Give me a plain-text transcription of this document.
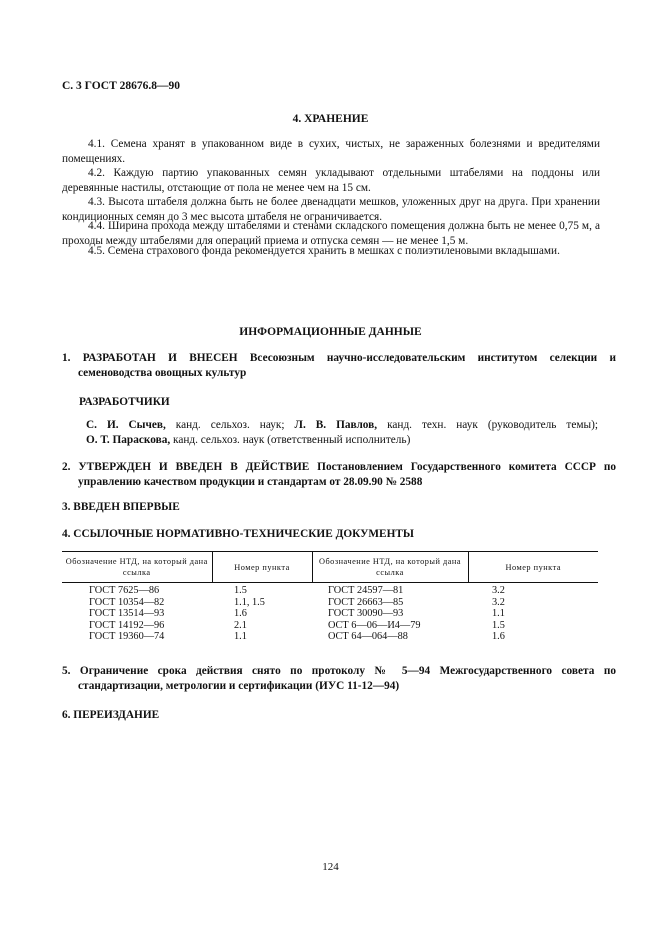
С. 3 ГОСТ 28676.8—90
4. ХРАНЕНИЕ
4.1. Семена хранят в упакованном виде в сухих, чистых, не зараженных болезнями и вредителями помещениях.
4.2. Каждую партию упакованных семян укладывают отдельными штабелями на поддоны или деревянные настилы, отстающие от пола не менее чем на 15 см.
4.3. Высота штабеля должна быть не более двенадцати мешков, уложенных друг на друга. При хранении кондиционных семян до 3 мес высота штабеля не ограничивается.
4.4. Ширина прохода между штабелями и стенами складского помещения должна быть не менее 0,75 м, а проходы между штабелями для операций приема и отпуска семян — не менее 1,5 м.
4.5. Семена страхового фонда рекомендуется хранить в мешках с полиэтиленовыми вкладышами.
ИНФОРМАЦИОННЫЕ ДАННЫЕ
1. РАЗРАБОТАН И ВНЕСЕН Всесоюзным научно-исследовательским институтом селекции и семеноводства овощных культур
РАЗРАБОТЧИКИ
С. И. Сычев, канд. сельхоз. наук; Л. В. Павлов, канд. техн. наук (руководитель темы);
О. Т. Параскова, канд. сельхоз. наук (ответственный исполнитель)
2. УТВЕРЖДЕН И ВВЕДЕН В ДЕЙСТВИЕ Постановлением Государственного комитета СССР по управлению качеством продукции и стандартам от 28.09.90 № 2588
3. ВВЕДЕН ВПЕРВЫЕ
4. ССЫЛОЧНЫЕ НОРМАТИВНО-ТЕХНИЧЕСКИЕ ДОКУМЕНТЫ
Обозначение НТД, на который дана ссылка	Номер пункта	Обозначение НТД, на который дана ссылка	Номер пункта
ГОСТ 7625—86	1.5	ГОСТ 24597—81	3.2
ГОСТ 10354—82	1.1, 1.5	ГОСТ 26663—85	3.2
ГОСТ 13514—93	1.6	ГОСТ 30090—93	1.1
ГОСТ 14192—96	2.1	ОСТ 6—06—И4—79	1.5
ГОСТ 19360—74	1.1	ОСТ 64—064—88	1.6
5. Ограничение срока действия снято по протоколу № 5—94 Межгосударственного совета по стандартизации, метрологии и сертификации (ИУС 11-12—94)
6. ПЕРЕИЗДАНИЕ
124
